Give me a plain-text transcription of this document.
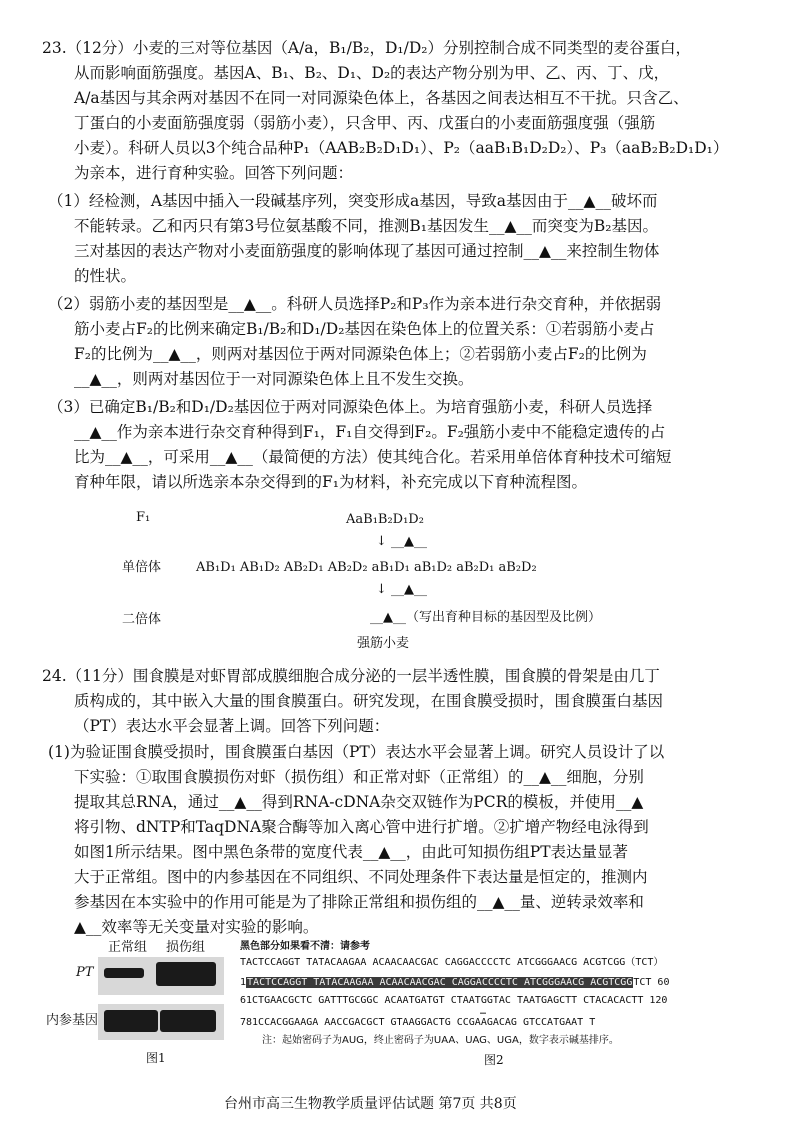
23.（12分）小麦的三对等位基因（A/a，B₁/B₂，D₁/D₂）分别控制合成不同类型的麦谷蛋白，
从而影响面筋强度。基因A、B₁、B₂、D₁、D₂的表达产物分别为甲、乙、丙、丁、戊，
A/a基因与其余两对基因不在同一对同源染色体上，各基因之间表达相互不干扰。只含乙、
丁蛋白的小麦面筋强度弱（弱筋小麦），只含甲、丙、戊蛋白的小麦面筋强度强（强筋
小麦）。科研人员以3个纯合品种P₁（AAB₂B₂D₁D₁）、P₂（aaB₁B₁D₂D₂）、P₃（aaB₂B₂D₁D₁）
为亲本，进行育种实验。回答下列问题：
（1）经检测，A基因中插入一段碱基序列，突变形成a基因，导致a基因由于__▲__破坏而
不能转录。乙和丙只有第3号位氨基酸不同，推测B₁基因发生__▲__而突变为B₂基因。
三对基因的表达产物对小麦面筋强度的影响体现了基因可通过控制__▲__来控制生物体
的性状。
（2）弱筋小麦的基因型是__▲__。科研人员选择P₂和P₃作为亲本进行杂交育种，并依据弱
筋小麦占F₂的比例来确定B₁/B₂和D₁/D₂基因在染色体上的位置关系：①若弱筋小麦占
F₂的比例为__▲__，则两对基因位于两对同源染色体上；②若弱筋小麦占F₂的比例为
__▲__，则两对基因位于一对同源染色体上且不发生交换。
（3）已确定B₁/B₂和D₁/D₂基因位于两对同源染色体上。为培育强筋小麦，科研人员选择
__▲__作为亲本进行杂交育种得到F₁，F₁自交得到F₂。F₂强筋小麦中不能稳定遗传的占
比为__▲__，可采用__▲__（最简便的方法）使其纯合化。若采用单倍体育种技术可缩短
育种年限，请以所选亲本杂交得到的F₁为材料，补充完成以下育种流程图。
F₁	AaB₁B₂D₁D₂
↓ __▲__
单倍体	AB₁D₁ AB₁D₂ AB₂D₁ AB₂D₂ aB₁D₁ aB₁D₂ aB₂D₁ aB₂D₂
↓ __▲__
二倍体	__▲__（写出育种目标的基因型及比例）
强筋小麦
24.（11分）围食膜是对虾胃部成膜细胞合成分泌的一层半透性膜，围食膜的骨架是由几丁
质构成的，其中嵌入大量的围食膜蛋白。研究发现，在围食膜受损时，围食膜蛋白基因
（PT）表达水平会显著上调。回答下列问题：
(1)为验证围食膜受损时，围食膜蛋白基因（PT）表达水平会显著上调。研究人员设计了以
下实验：①取围食膜损伤对虾（损伤组）和正常对虾（正常组）的__▲__细胞，分别
提取其总RNA，通过__▲__得到RNA-cDNA杂交双链作为PCR的模板，并使用__▲
将引物、dNTP和TaqDNA聚合酶等加入离心管中进行扩增。②扩增产物经电泳得到
如图1所示结果。图中黑色条带的宽度代表__▲__，由此可知损伤组PT表达量显著
大于正常组。图中的内参基因在不同组织、不同处理条件下表达量是恒定的，推测内
参基因在本实验中的作用可能是为了排除正常组和损伤组的__▲__量、逆转录效率和
▲__效率等无关变量对实验的影响。
正常组 损伤组
PT
内参基因
图1
黑色部分如果看不清：请参考
TACTCCAGGT TATACAAGAA ACAACAACGAC CAGGACCCCTC ATCGGGAACG ACGTCGG（TCT）
1TACTCCAGGT TATACAAGAA ACAACAACGAC CAGGACCCCTC ATCGGGAACG ACGTCGGTCT 60
61CTGAACGCTC GATTTGCGGC ACAATGATGT CTAATGGTAC TAATGAGCTT CTACACACTT 120
…
781CCACGGAAGA AACCGACGCT GTAAGGACTG CCGAAGACAG GTCCATGAAT T
注：起始密码子为AUG，终止密码子为UAA、UAG、UGA，数字表示碱基排序。
图2
台州市高三生物教学质量评估试题 第7页 共8页
